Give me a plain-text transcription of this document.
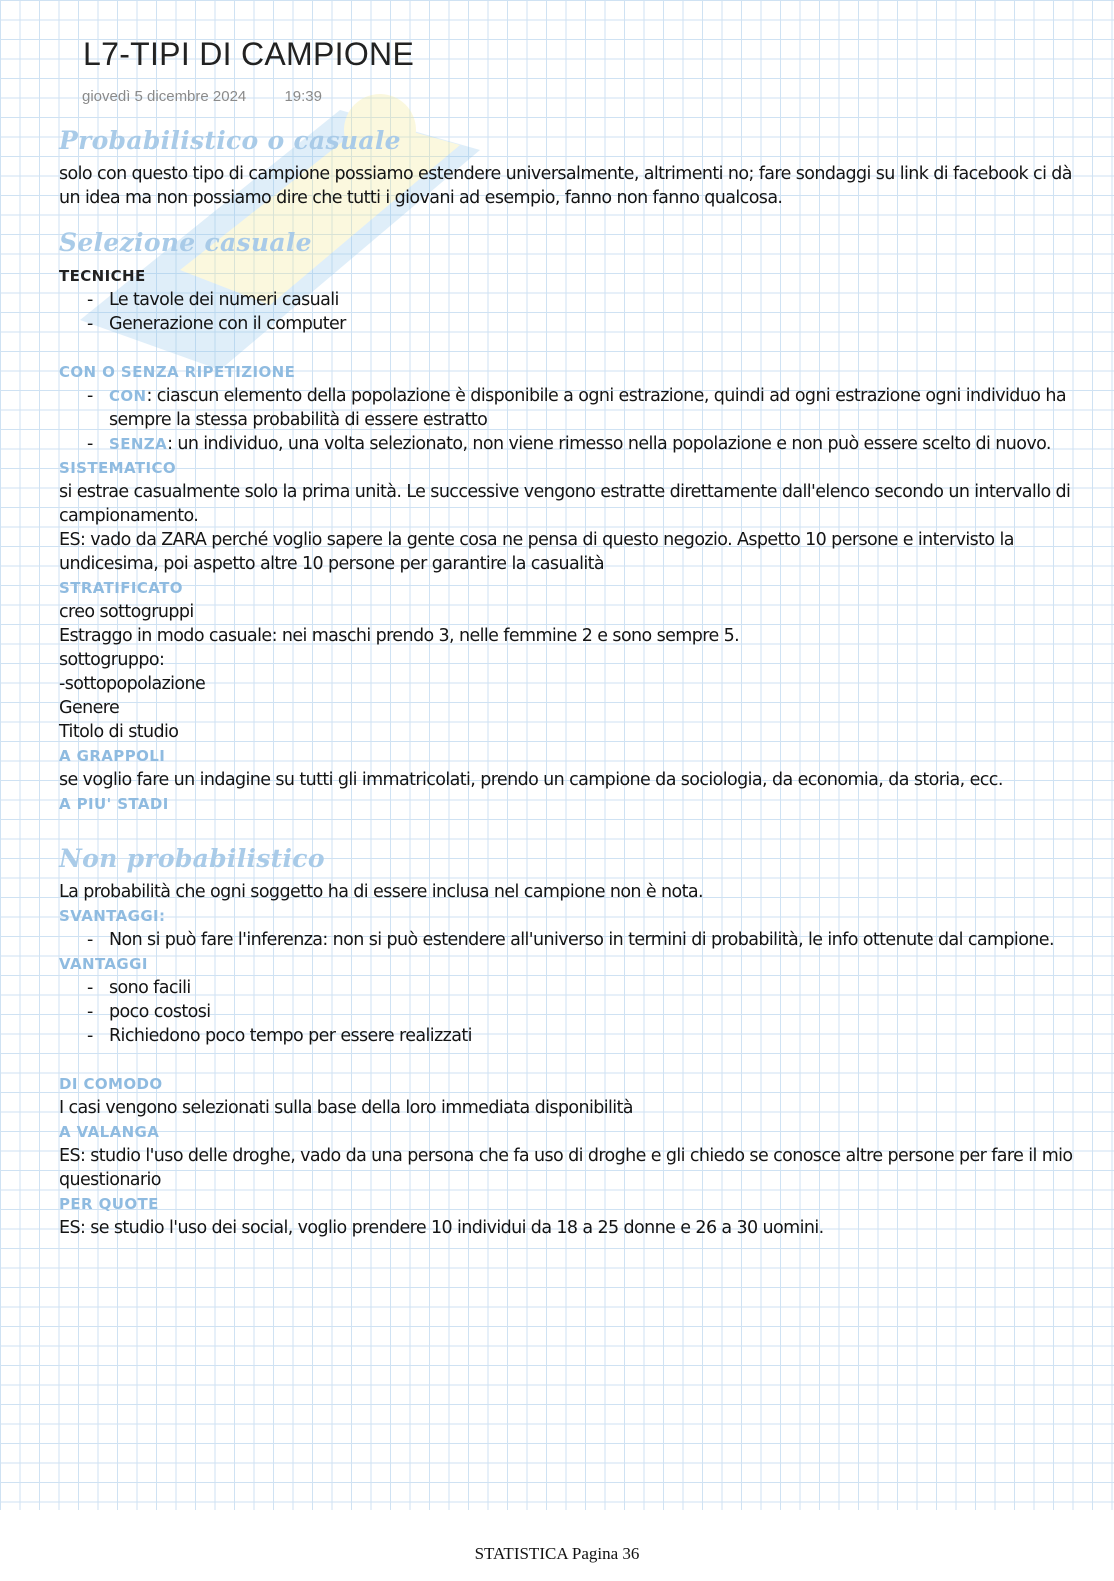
L7-TIPI DI CAMPIONE
giovedì 5 dicembre 2024	19:39
Probabilistico o casuale

solo con questo tipo di campione possiamo estendere universalmente, altrimenti no; fare sondaggi su link di facebook ci dà un idea ma non possiamo dire che tutti i giovani ad esempio, fanno non fanno qualcosa.

Selezione casuale
TECNICHE
- Le tavole dei numeri casuali
- Generazione con il computer
CON O SENZA RIPETIZIONE
- CON: ciascun elemento della popolazione è disponibile a ogni estrazione, quindi ad ogni estrazione ogni individuo ha sempre la stessa probabilità di essere estratto
- SENZA: un individuo, una volta selezionato, non viene rimesso nella popolazione e non può essere scelto di nuovo.
SISTEMATICO

si estrae casualmente solo la prima unità. Le successive vengono estratte direttamente dall'elenco secondo un intervallo di campionamento.

ES: vado da ZARA perché voglio sapere la gente cosa ne pensa di questo negozio. Aspetto 10 persone e intervisto la undicesima, poi aspetto altre 10 persone per garantire la casualità

STRATIFICATO

creo sottogruppi

Estraggo in modo casuale: nei maschi prendo 3, nelle femmine 2 e sono sempre 5.

sottogruppo:

-sottopopolazione

Genere

Titolo di studio

A GRAPPOLI

se voglio fare un indagine su tutti gli immatricolati, prendo un campione da sociologia, da economia, da storia, ecc.

A PIU' STADI
Non probabilistico

La probabilità che ogni soggetto ha di essere inclusa nel campione non è nota.

SVANTAGGI:
- Non si può fare l'inferenza: non si può estendere all'universo in termini di probabilità, le info ottenute dal campione.
VANTAGGI
- sono facili
- poco costosi
- Richiedono poco tempo per essere realizzati
DI COMODO

I casi vengono selezionati sulla base della loro immediata disponibilità

A VALANGA

ES: studio l'uso delle droghe, vado da una persona che fa uso di droghe e gli chiedo se conosce altre persone per fare il mio questionario

PER QUOTE

ES: se studio l'uso dei social, voglio prendere 10 individui da 18 a 25 donne e 26 a 30 uomini.

STATISTICA Pagina 36
